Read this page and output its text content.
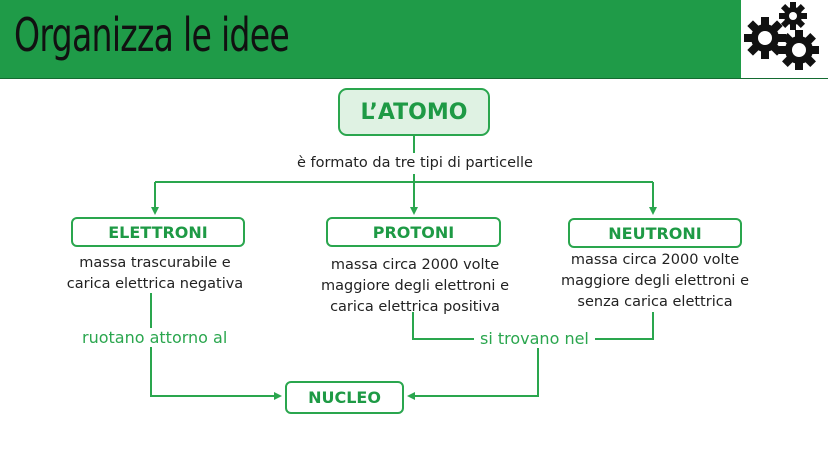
Organizza le idee
L’ATOMO
è formato da tre tipi di particelle
ELETTRONI	PROTONI	NEUTRONI
massa trascurabile e
carica elettrica negativa
massa circa 2000 volte
maggiore degli elettroni e
carica elettrica positiva
massa circa 2000 volte
maggiore degli elettroni e
senza carica elettrica
ruotano attorno al	si trovano nel
NUCLEO
